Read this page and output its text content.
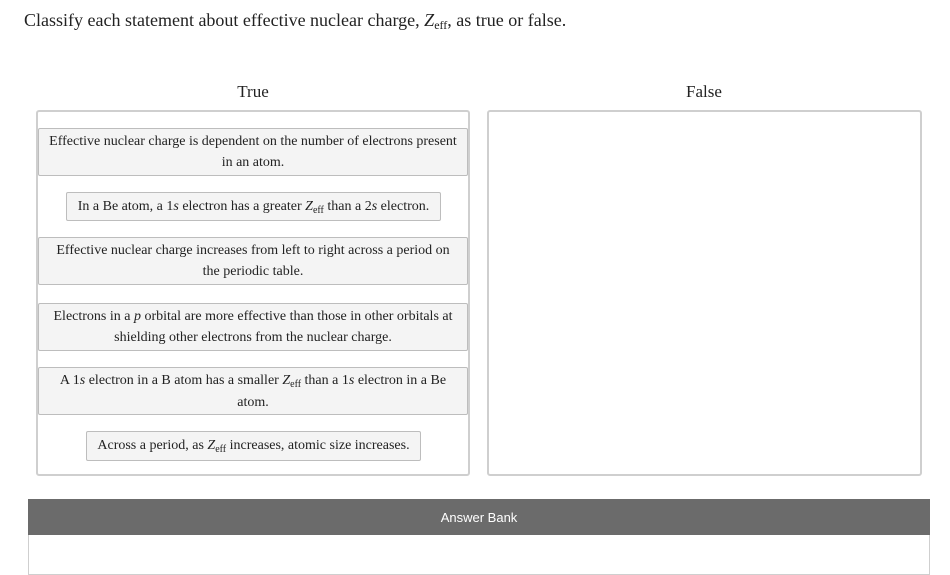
Classify each statement about effective nuclear charge, Zeff, as true or false.
True	False
Effective nuclear charge is dependent on the number of electrons present in an atom.
In a Be atom, a 1s electron has a greater $Z_{eff}$ than a 2s electron.
Effective nuclear charge increases from left to right across a period on the periodic table.
Electrons in a p orbital are more effective than those in other orbitals at shielding other electrons from the nuclear charge.
A 1s electron in a B atom has a smaller $Z_{eff}$ than a 1s electron in a Be atom.
Across a period, as $Z_{eff}$ increases, atomic size increases.
Answer Bank
